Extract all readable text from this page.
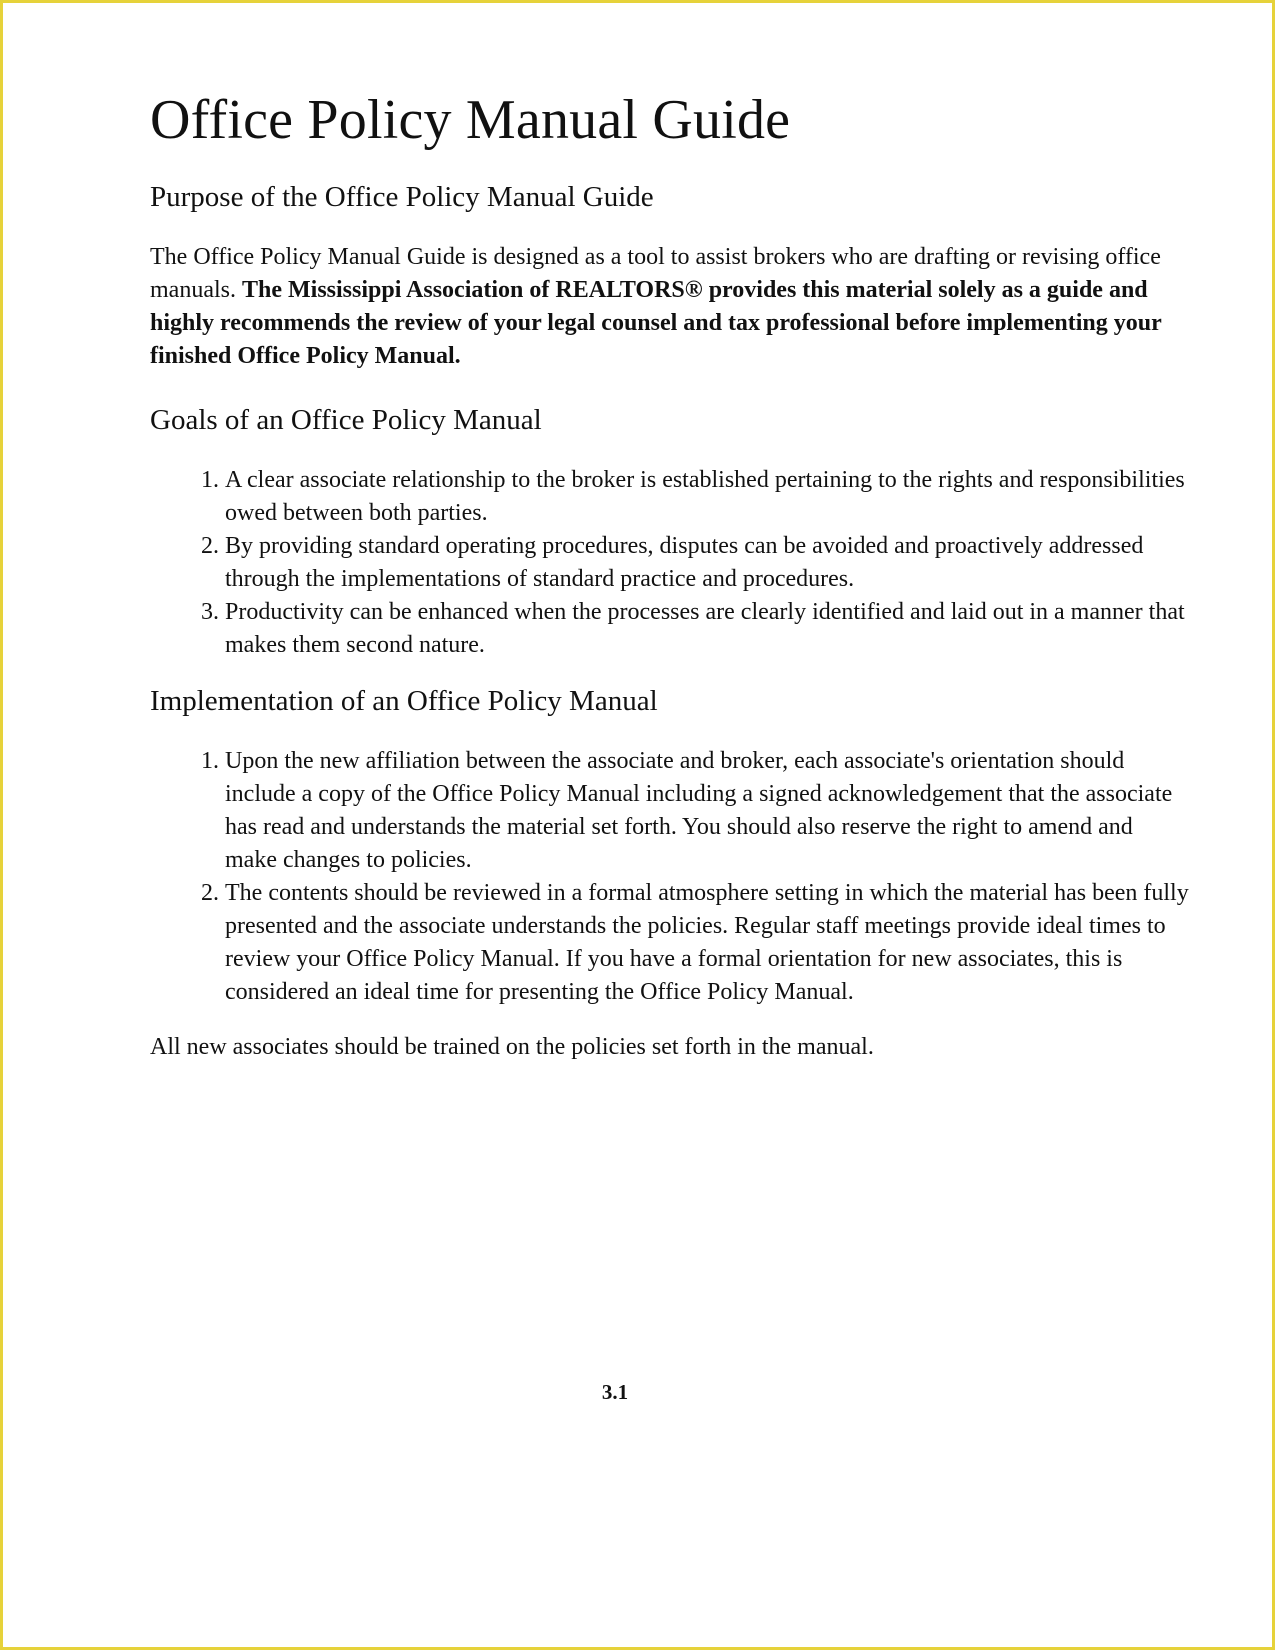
Office Policy Manual Guide
Purpose of the Office Policy Manual Guide

The Office Policy Manual Guide is designed as a tool to assist brokers who are drafting or revising office manuals. The Mississippi Association of REALTORS® provides this material solely as a guide and highly recommends the review of your legal counsel and tax professional before implementing your finished Office Policy Manual.

Goals of an Office Policy Manual
1. A clear associate relationship to the broker is established pertaining to the rights and responsibilities owed between both parties.
2. By providing standard operating procedures, disputes can be avoided and proactively addressed through the implementations of standard practice and procedures.
3. Productivity can be enhanced when the processes are clearly identified and laid out in a manner that makes them second nature.
Implementation of an Office Policy Manual
1. Upon the new affiliation between the associate and broker, each associate's orientation should include a copy of the Office Policy Manual including a signed acknowledgement that the associate has read and understands the material set forth. You should also reserve the right to amend and make changes to policies.
2. The contents should be reviewed in a formal atmosphere setting in which the material has been fully presented and the associate understands the policies. Regular staff meetings provide ideal times to review your Office Policy Manual. If you have a formal orientation for new associates, this is considered an ideal time for presenting the Office Policy Manual.

All new associates should be trained on the policies set forth in the manual.

3.1
